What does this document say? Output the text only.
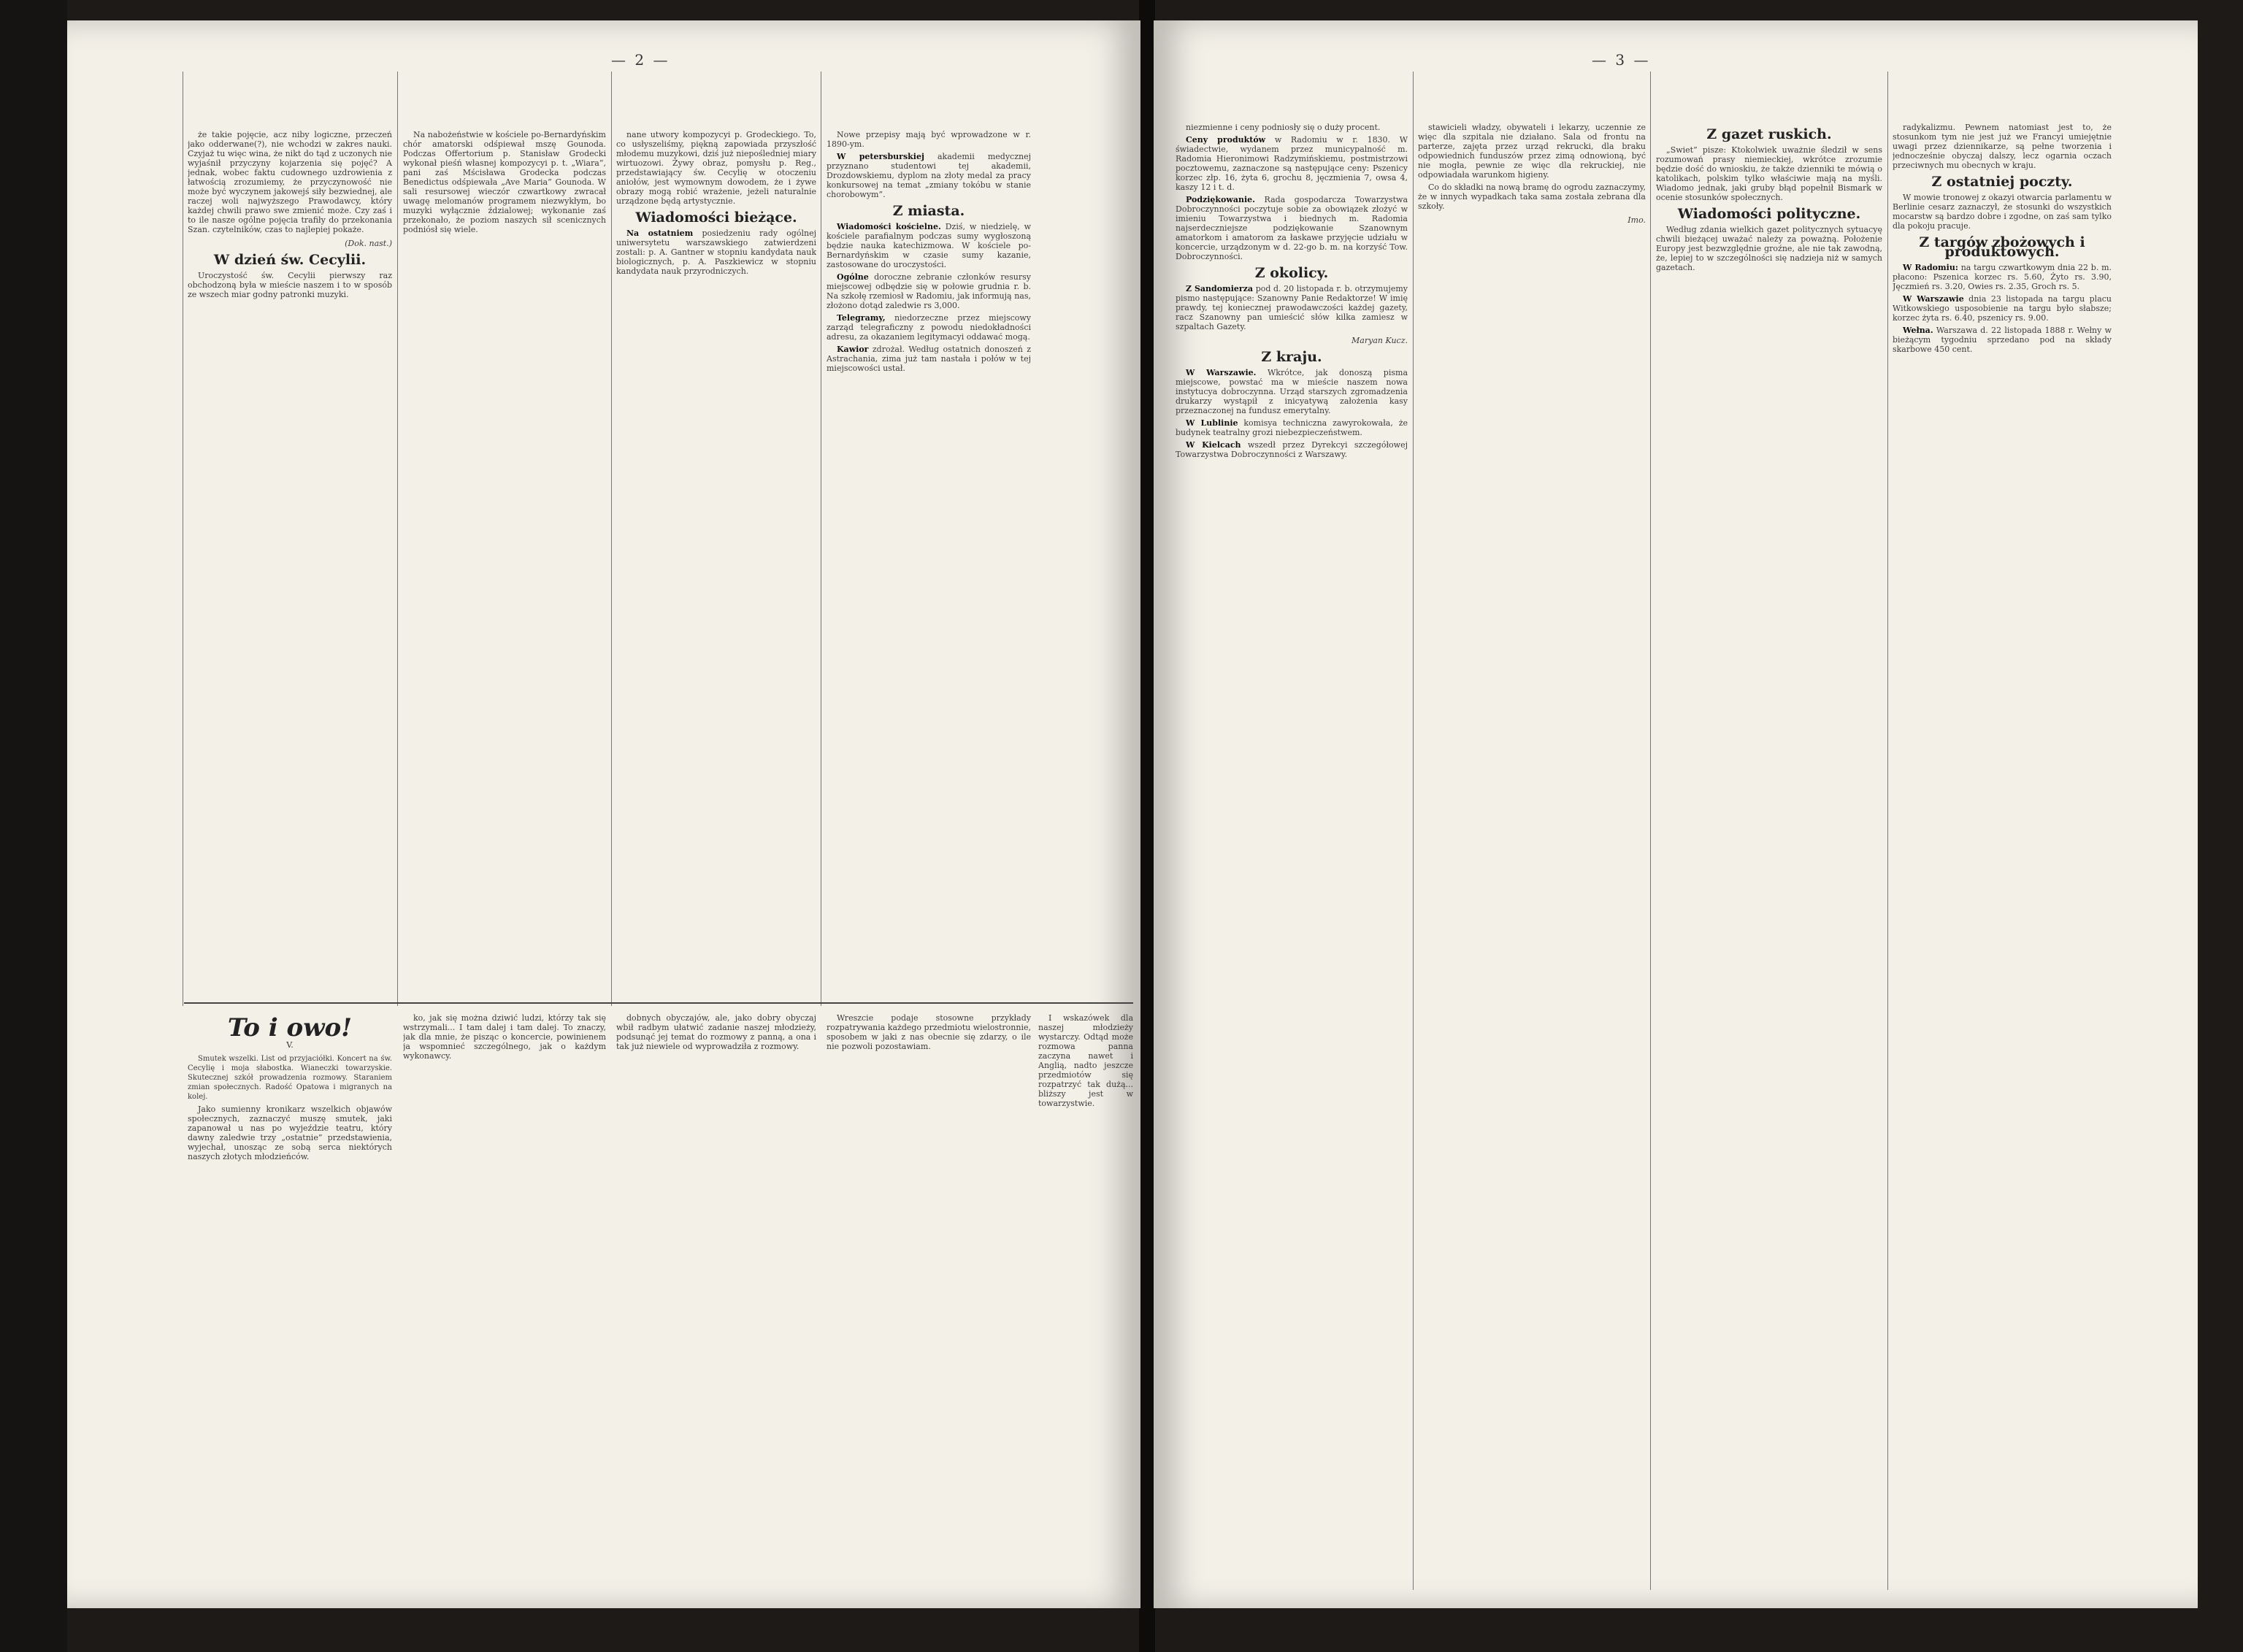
— 2 —

że takie pojęcie, acz niby logiczne, przeczeń jako odderwane(?), nie wchodzi w zakres nauki. Czyjaż tu więc wina, że nikt do tąd z uczonych nie wyjaśnił przyczyny kojarzenia się pojęć? A jednak, wobec faktu cudownego uzdrowienia z łatwością zrozumiemy, że przyczynowość nie może być wyczynem jakowejś siły bezwiednej, ale raczej woli najwyższego Prawodawcy, który każdej chwili prawo swe zmienić może. Czy zaś i to ile nasze ogólne pojęcia trafiły do przekonania Szan. czytelników, czas to najlepiej pokaże.

(Dok. nast.)
W dzień św. Cecylii.

Uroczystość św. Cecylii pierwszy raz obchodzoną była w mieście naszem i to w sposób ze wszech miar godny patronki muzyki.

Na nabożeństwie w kościele po-Bernardyńskim chór amatorski odśpiewał mszę Gounoda. Podczas Offertorium p. Stanisław Grodecki wykonał pieśń własnej kompozycyi p. t. „Wiara”, pani zaś Mścisława Grodecka podczas Benedictus odśpiewała „Ave Maria” Gounoda. W sali resursowej wieczór czwartkowy zwracał uwagę melomanów programem niezwykłym, bo muzyki wyłącznie ździalowej; wykonanie zaś przekonało, że poziom naszych sił scenicznych podniósł się wiele.

nane utwory kompozycyi p. Grodeckiego. To, co usłyszeliśmy, piękną zapowiada przyszłość młodemu muzykowi, dziś już niepośledniej miary wirtuozowi. Żywy obraz, pomysłu p. Reg., przedstawiający św. Cecylię w otoczeniu aniołów, jest wymownym dowodem, że i żywe obrazy mogą robić wrażenie, jeżeli naturalnie urządzone będą artystycznie.

Wiadomości bieżące.

Na ostatniem posiedzeniu rady ogólnej uniwersytetu warszawskiego zatwierdzeni zostali: p. A. Gantner w stopniu kandydata nauk biologicznych, p. A. Paszkiewicz w stopniu kandydata nauk przyrodniczych.

Nowe przepisy mają być wprowadzone w r. 1890-ym.

W petersburskiej akademii medycznej przyznano studentowi tej akademii, Drozdowskiemu, dyplom na złoty medal za pracy konkursowej na temat „zmiany tokóbu w stanie chorobowym”.

Z miasta.

Wiadomości kościelne. Dziś, w niedzielę, w kościele parafialnym podczas sumy wygłoszoną będzie nauka katechizmowa. W kościele po-Bernardyńskim w czasie sumy kazanie, zastosowane do uroczystości.

Ogólne doroczne zebranie członków resursy miejscowej odbędzie się w połowie grudnia r. b. Na szkołę rzemiosł w Radomiu, jak informują nas, złożono dotąd zaledwie rs 3,000.

Telegramy, niedorzeczne przez miejscowy zarząd telegraficzny z powodu niedokładności adresu, za okazaniem legitymacyi oddawać mogą.

Kawior zdrożał. Według ostatnich donoszeń z Astrachania, zima już tam nastała i połów w tej miejscowości ustał.

To i owo!
V.

Smutek wszelki. List od przyjaciółki. Koncert na św. Cecylię i moja słabostka. Wianeczki towarzyskie. Skutecznej szkół prowadzenia rozmowy. Staraniem zmian społecznych. Radość Opatowa i migranych na kolej.

Jako sumienny kronikarz wszelkich objawów społecznych, zaznaczyć muszę smutek, jaki zapanował u nas po wyjeździe teatru, który dawny zaledwie trzy „ostatnie” przedstawienia, wyjechał, unosząc ze sobą serca niektórych naszych złotych młodzieńców.

ko, jak się można dziwić ludzi, którzy tak się wstrzymali... I tam dalej i tam dalej. To znaczy, jak dla mnie, że pisząc o koncercie, powinienem ja wspomnieć szczególnego, jak o każdym wykonawcy.

dobnych obyczajów, ale, jako dobry obyczaj wbił radbym ułatwić zadanie naszej młodzieży, podsunąć jej temat do rozmowy z panną, a ona i tak już niewiele od wyprowadziła z rozmowy.

Wreszcie podaje stosowne przykłady rozpatrywania każdego przedmiotu wielostronnie, sposobem w jaki z nas obecnie się zdarzy, o ile nie pozwoli pozostawiam.

I wskazówek dla naszej młodzieży wystarczy. Odtąd może rozmowa panna zaczyna nawet i Anglią, nadto jeszcze przedmiotów się rozpatrzyć tak dużą... bliższy jest w towarzystwie.

— 3 —

niezmienne i ceny podniosły się o duży procent.

Ceny produktów w Radomiu w r. 1830. W świadectwie, wydanem przez municypalność m. Radomia Hieronimowi Radzymińskiemu, postmistrzowi pocztowemu, zaznaczone są następujące ceny: Pszenicy korzec złp. 16, żyta 6, grochu 8, jęczmienia 7, owsa 4, kaszy 12 i t. d.

Podziękowanie. Rada gospodarcza Towarzystwa Dobroczynności poczytuje sobie za obowiązek złożyć w imieniu Towarzystwa i biednych m. Radomia najserdeczniejsze podziękowanie Szanownym amatorkom i amatorom za łaskawe przyjęcie udziału w koncercie, urządzonym w d. 22-go b. m. na korzyść Tow. Dobroczynności.

Z okolicy.

Z Sandomierza pod d. 20 listopada r. b. otrzymujemy pismo następujące: Szanowny Panie Redaktorze! W imię prawdy, tej koniecznej prawodawczości każdej gazety, racz Szanowny pan umieścić słów kilka zamiesz w szpaltach Gazety.

Maryan Kucz.
Z kraju.

W Warszawie. Wkrótce, jak donoszą pisma miejscowe, powstać ma w mieście naszem nowa instytucya dobroczynna. Urząd starszych zgromadzenia drukarzy wystąpił z inicyatywą założenia kasy przeznaczonej na fundusz emerytalny.

W Lublinie komisya techniczna zawyrokowała, że budynek teatralny grozi niebezpieczeństwem.

W Kielcach wszedł przez Dyrekcyi szczegółowej Towarzystwa Dobroczynności z Warszawy.

stawicieli władzy, obywateli i lekarzy, uczennie ze więc dla szpitala nie działano. Sala od frontu na parterze, zajęta przez urząd rekrucki, dla braku odpowiednich funduszów przez zimą odnowioną, być nie mogła, pewnie ze więc dla rekruckiej, nie odpowiadała warunkom higieny.

Co do składki na nową bramę do ogrodu zaznaczymy, że w innych wypadkach taka sama została zebrana dla szkoły.

Imo.
Z gazet ruskich.

„Swiet” pisze: Ktokolwiek uważnie śledził w sens rozumowań prasy niemieckiej, wkrótce zrozumie będzie dość do wnioskiu, że także dzienniki te mówią o katolikach, polskim tylko właściwie mają na myśli. Wiadomo jednak, jaki gruby błąd popełnił Bismark w ocenie stosunków społecznych.

Wiadomości polityczne.

Według zdania wielkich gazet politycznych sytuacyę chwili bieżącej uważać należy za poważną. Położenie Europy jest bezwzględnie groźne, ale nie tak zawodną, że, lepiej to w szczególności się nadzieja niż w samych gazetach.

radykalizmu. Pewnem natomiast jest to, że stosunkom tym nie jest już we Francyi umiejętnie uwagi przez dziennikarze, są pełne tworzenia i jednocześnie obyczaj dalszy, lecz ogarnia oczach przeciwnych mu obecnych w kraju.

Z ostatniej poczty.

W mowie tronowej z okazyi otwarcia parlamentu w Berlinie cesarz zaznaczył, że stosunki do wszystkich mocarstw są bardzo dobre i zgodne, on zaś sam tylko dla pokoju pracuje.

Z targów zbożowych i produktowych.

W Radomiu: na targu czwartkowym dnia 22 b. m. płacono: Pszenica korzec rs. 5.60, Żyto rs. 3.90, Jęczmień rs. 3.20, Owies rs. 2.35, Groch rs. 5.

W Warszawie dnia 23 listopada na targu placu Witkowskiego usposobienie na targu było słabsze; korzec żyta rs. 6.40, pszenicy rs. 9.00.

Wełna. Warszawa d. 22 listopada 1888 r. Wełny w bieżącym tygodniu sprzedano pod na składy skarbowe 450 cent.
